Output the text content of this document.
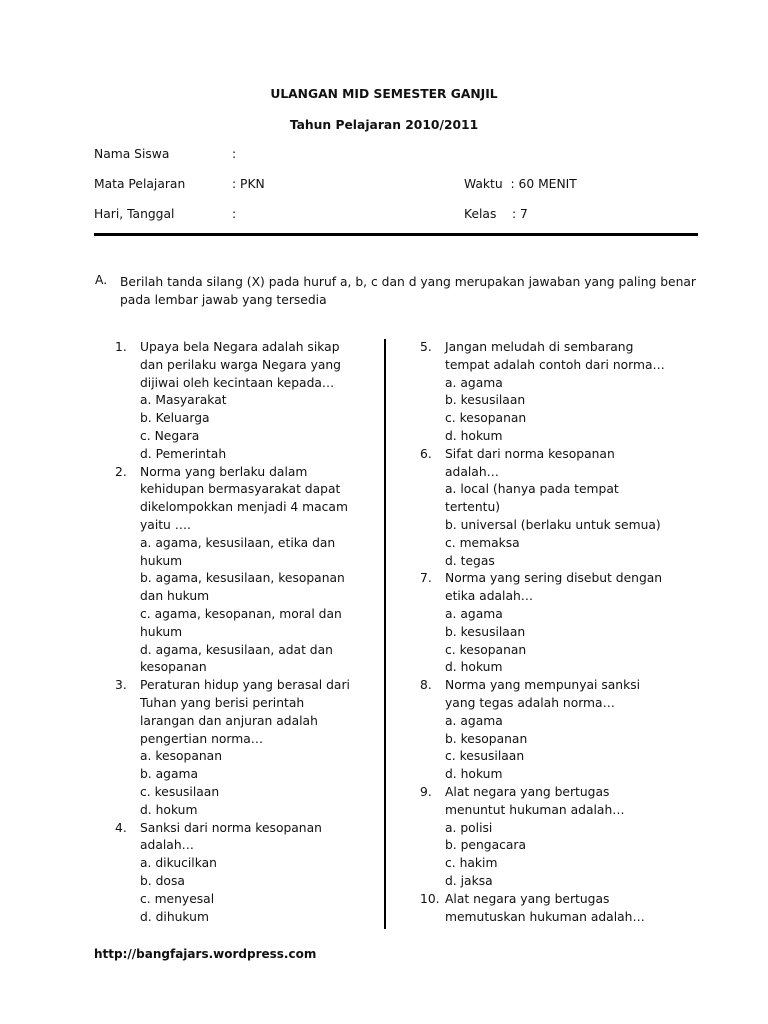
ULANGAN MID SEMESTER GANJIL
Tahun Pelajaran 2010/2011
Nama Siswa	:
Mata Pelajaran	: PKN	Waktu  : 60 MENIT
Hari, Tanggal	:	Kelas    : 7
A. Berilah tanda silang (X) pada huruf a, b, c dan d yang merupakan jawaban yang paling benar pada lembar jawab yang tersedia
1. Upaya bela Negara adalah sikap
dan perilaku warga Negara yang
dijiwai oleh kecintaan kepada…
a. Masyarakat
b. Keluarga
c. Negara
d. Pemerintah
2. Norma yang berlaku dalam
kehidupan bermasyarakat dapat
dikelompokkan menjadi 4 macam
yaitu ….
a. agama, kesusilaan, etika dan
hukum
b. agama, kesusilaan, kesopanan
dan hukum
c. agama, kesopanan, moral dan
hukum
d. agama, kesusilaan, adat dan
kesopanan
3. Peraturan hidup yang berasal dari
Tuhan yang berisi perintah
larangan dan anjuran adalah
pengertian norma…
a. kesopanan
b. agama
c. kesusilaan
d. hokum
4. Sanksi dari norma kesopanan
adalah…
a. dikucilkan
b. dosa
c. menyesal
d. dihukum
5. Jangan meludah di sembarang
tempat adalah contoh dari norma…
a. agama
b. kesusilaan
c. kesopanan
d. hokum
6. Sifat dari norma kesopanan
adalah…
a. local (hanya pada tempat
tertentu)
b. universal (berlaku untuk semua)
c. memaksa
d. tegas
7. Norma yang sering disebut dengan
etika adalah…
a. agama
b. kesusilaan
c. kesopanan
d. hokum
8. Norma yang mempunyai sanksi
yang tegas adalah norma…
a. agama
b. kesopanan
c. kesusilaan
d. hokum
9. Alat negara yang bertugas
menuntut hukuman adalah…
a. polisi
b. pengacara
c. hakim
d. jaksa
10. Alat negara yang bertugas
memutuskan hukuman adalah…
http://bangfajars.wordpress.com
